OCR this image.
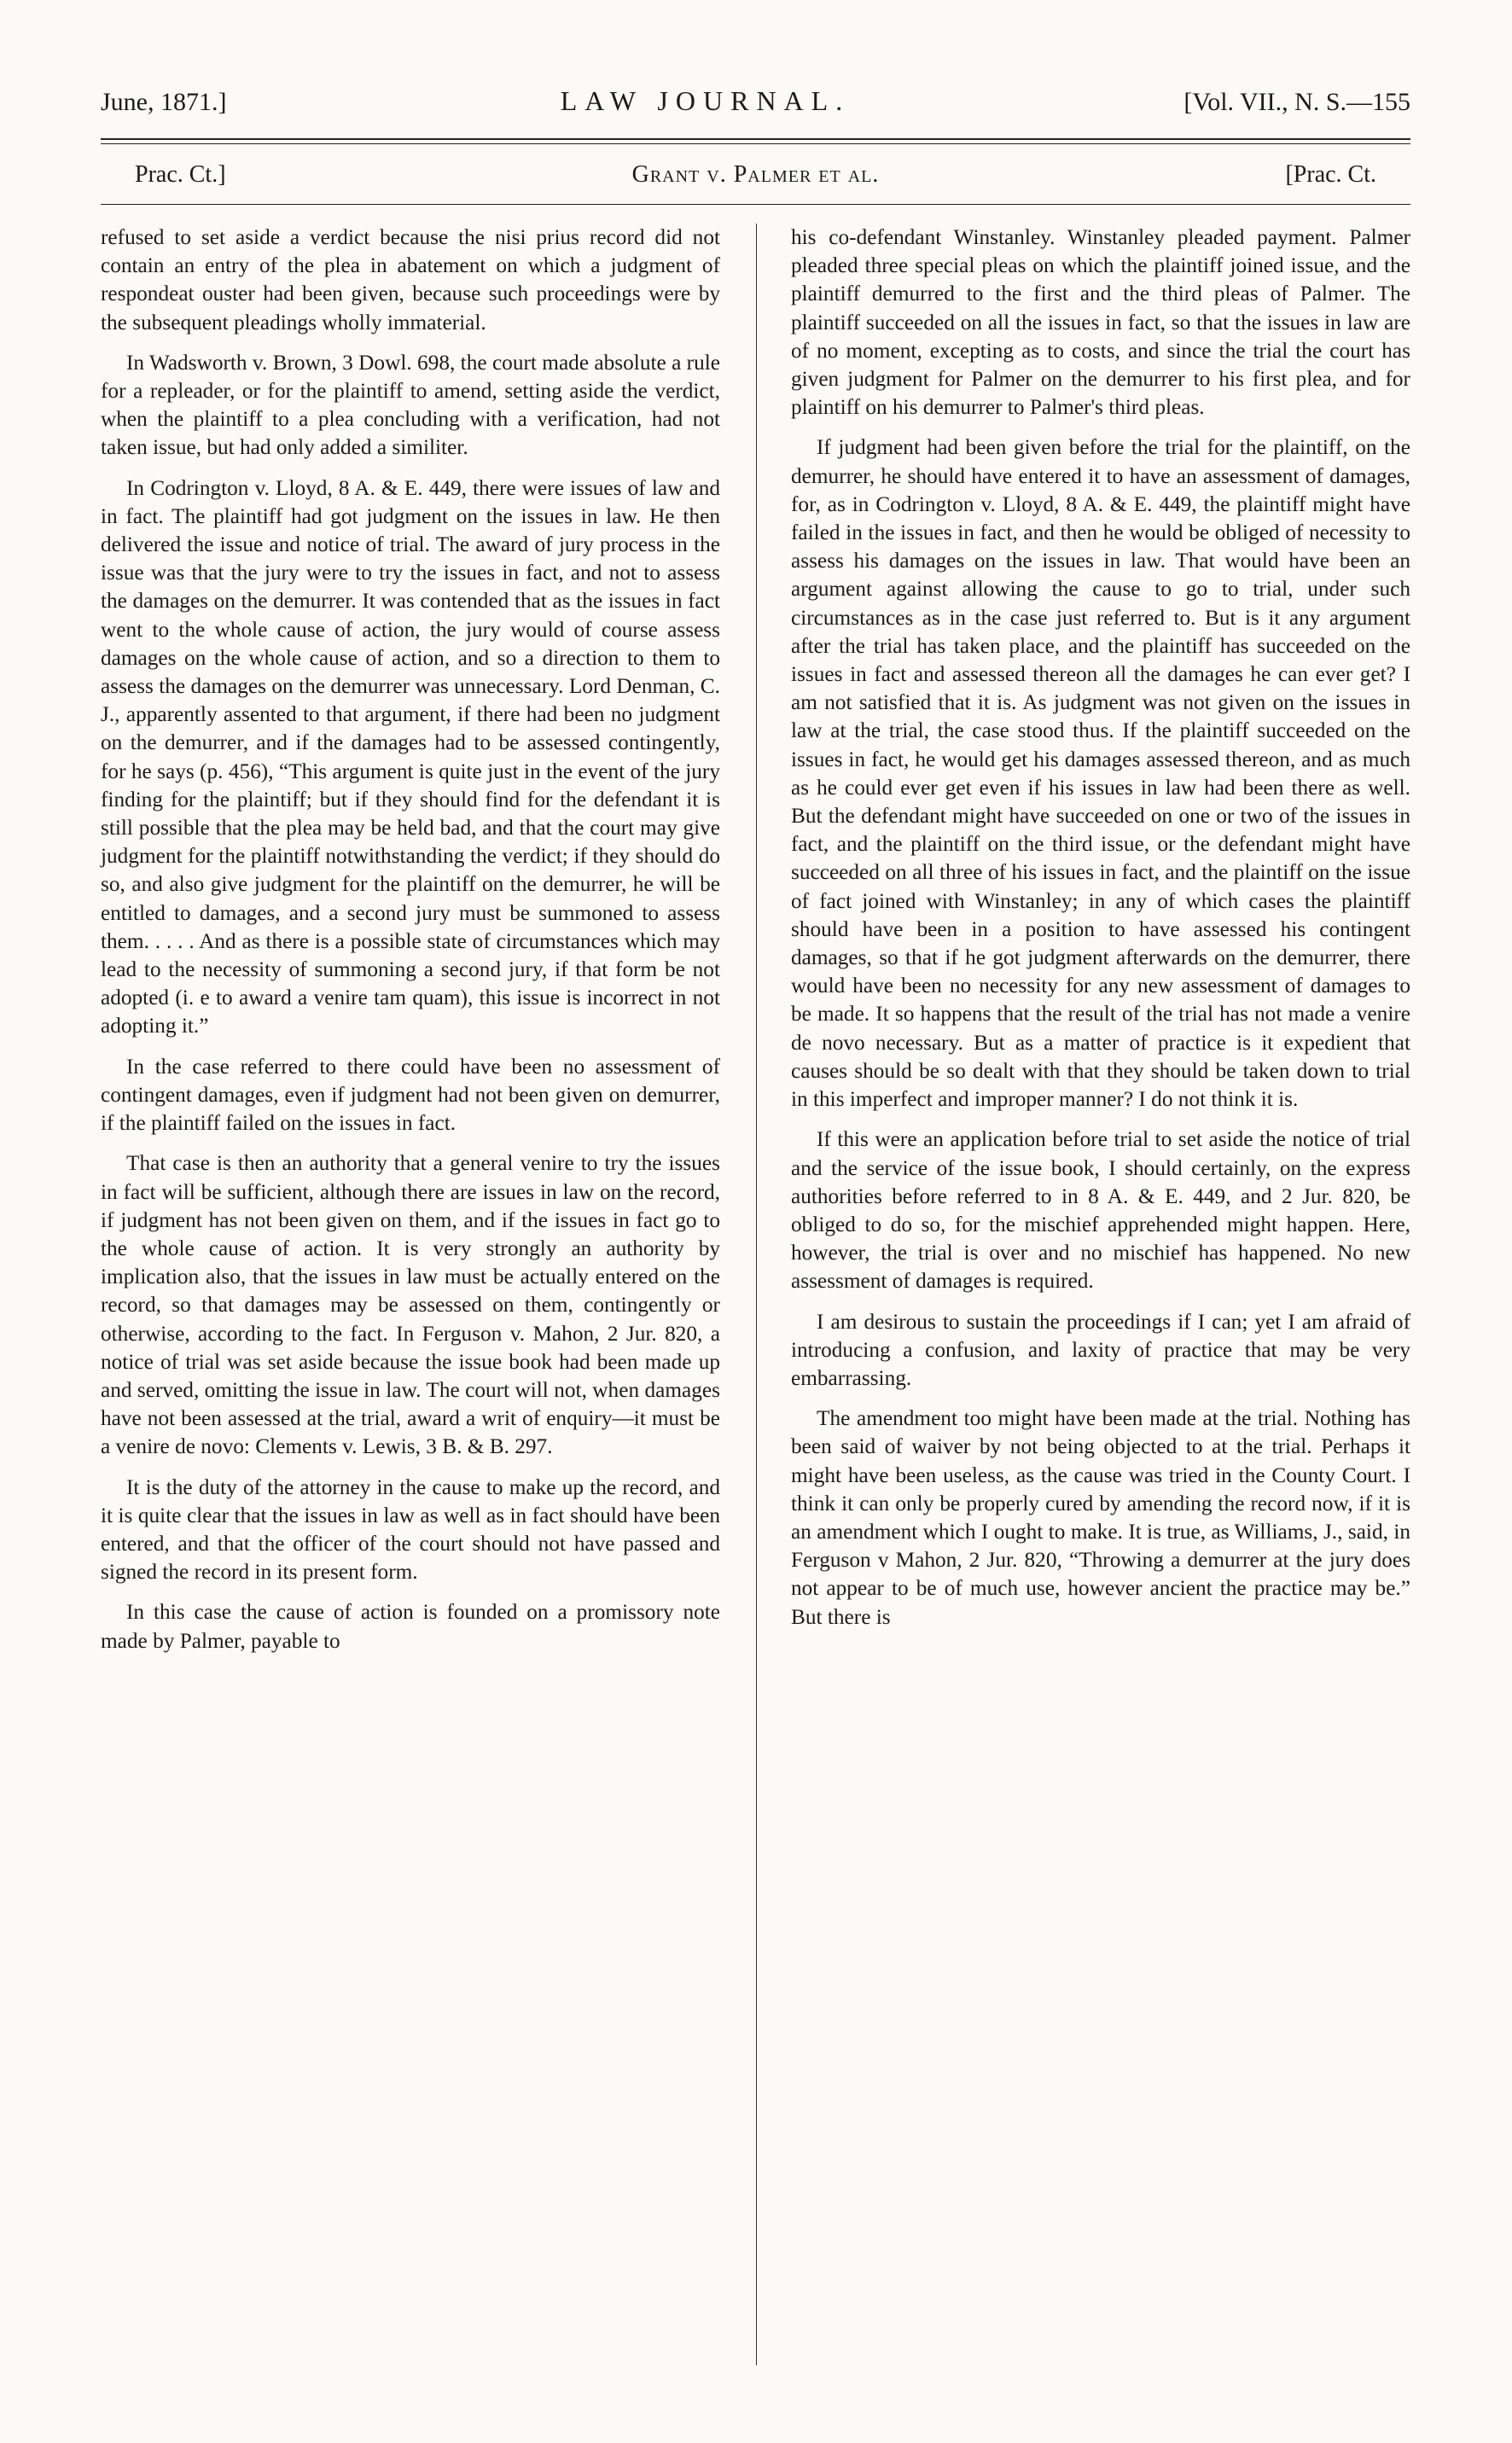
June, 1871.]	LAW JOURNAL.	[Vol. VII., N. S.—155
Prac. Ct.]	Grant v. Palmer et al.	[Prac. Ct.

refused to set aside a verdict because the nisi prius record did not contain an entry of the plea in abatement on which a judgment of respondeat ouster had been given, because such proceedings were by the subsequent pleadings wholly immaterial.

In Wadsworth v. Brown, 3 Dowl. 698, the court made absolute a rule for a repleader, or for the plaintiff to amend, setting aside the verdict, when the plaintiff to a plea concluding with a verification, had not taken issue, but had only added a similiter.

In Codrington v. Lloyd, 8 A. & E. 449, there were issues of law and in fact. The plaintiff had got judgment on the issues in law. He then delivered the issue and notice of trial. The award of jury process in the issue was that the jury were to try the issues in fact, and not to assess the damages on the demurrer. It was contended that as the issues in fact went to the whole cause of action, the jury would of course assess damages on the whole cause of action, and so a direction to them to assess the damages on the demurrer was unnecessary. Lord Denman, C. J., apparently assented to that argument, if there had been no judgment on the demurrer, and if the damages had to be assessed contingently, for he says (p. 456), “This argument is quite just in the event of the jury finding for the plaintiff; but if they should find for the defendant it is still possible that the plea may be held bad, and that the court may give judgment for the plaintiff notwithstanding the verdict; if they should do so, and also give judgment for the plaintiff on the demurrer, he will be entitled to damages, and a second jury must be summoned to assess them. . . . . And as there is a possible state of circumstances which may lead to the necessity of summoning a second jury, if that form be not adopted (i. e to award a venire tam quam), this issue is incorrect in not adopting it.”

In the case referred to there could have been no assessment of contingent damages, even if judgment had not been given on demurrer, if the plaintiff failed on the issues in fact.

That case is then an authority that a general venire to try the issues in fact will be sufficient, although there are issues in law on the record, if judgment has not been given on them, and if the issues in fact go to the whole cause of action. It is very strongly an authority by implication also, that the issues in law must be actually entered on the record, so that damages may be assessed on them, contingently or otherwise, according to the fact. In Ferguson v. Mahon, 2 Jur. 820, a notice of trial was set aside because the issue book had been made up and served, omitting the issue in law. The court will not, when damages have not been assessed at the trial, award a writ of enquiry—it must be a venire de novo: Clements v. Lewis, 3 B. & B. 297.

It is the duty of the attorney in the cause to make up the record, and it is quite clear that the issues in law as well as in fact should have been entered, and that the officer of the court should not have passed and signed the record in its present form.

In this case the cause of action is founded on a promissory note made by Palmer, payable to

his co-defendant Winstanley. Winstanley pleaded payment. Palmer pleaded three special pleas on which the plaintiff joined issue, and the plaintiff demurred to the first and the third pleas of Palmer. The plaintiff succeeded on all the issues in fact, so that the issues in law are of no moment, excepting as to costs, and since the trial the court has given judgment for Palmer on the demurrer to his first plea, and for plaintiff on his demurrer to Palmer's third pleas.

If judgment had been given before the trial for the plaintiff, on the demurrer, he should have entered it to have an assessment of damages, for, as in Codrington v. Lloyd, 8 A. & E. 449, the plaintiff might have failed in the issues in fact, and then he would be obliged of necessity to assess his damages on the issues in law. That would have been an argument against allowing the cause to go to trial, under such circumstances as in the case just referred to. But is it any argument after the trial has taken place, and the plaintiff has succeeded on the issues in fact and assessed thereon all the damages he can ever get? I am not satisfied that it is. As judgment was not given on the issues in law at the trial, the case stood thus. If the plaintiff succeeded on the issues in fact, he would get his damages assessed thereon, and as much as he could ever get even if his issues in law had been there as well. But the defendant might have succeeded on one or two of the issues in fact, and the plaintiff on the third issue, or the defendant might have succeeded on all three of his issues in fact, and the plaintiff on the issue of fact joined with Winstanley; in any of which cases the plaintiff should have been in a position to have assessed his contingent damages, so that if he got judgment afterwards on the demurrer, there would have been no necessity for any new assessment of damages to be made. It so happens that the result of the trial has not made a venire de novo necessary. But as a matter of practice is it expedient that causes should be so dealt with that they should be taken down to trial in this imperfect and improper manner? I do not think it is.

If this were an application before trial to set aside the notice of trial and the service of the issue book, I should certainly, on the express authorities before referred to in 8 A. & E. 449, and 2 Jur. 820, be obliged to do so, for the mischief apprehended might happen. Here, however, the trial is over and no mischief has happened. No new assessment of damages is required.

I am desirous to sustain the proceedings if I can; yet I am afraid of introducing a confusion, and laxity of practice that may be very embarrassing.

The amendment too might have been made at the trial. Nothing has been said of waiver by not being objected to at the trial. Perhaps it might have been useless, as the cause was tried in the County Court. I think it can only be properly cured by amending the record now, if it is an amendment which I ought to make. It is true, as Williams, J., said, in Ferguson v Mahon, 2 Jur. 820, “Throwing a demurrer at the jury does not appear to be of much use, however ancient the practice may be.” But there is
